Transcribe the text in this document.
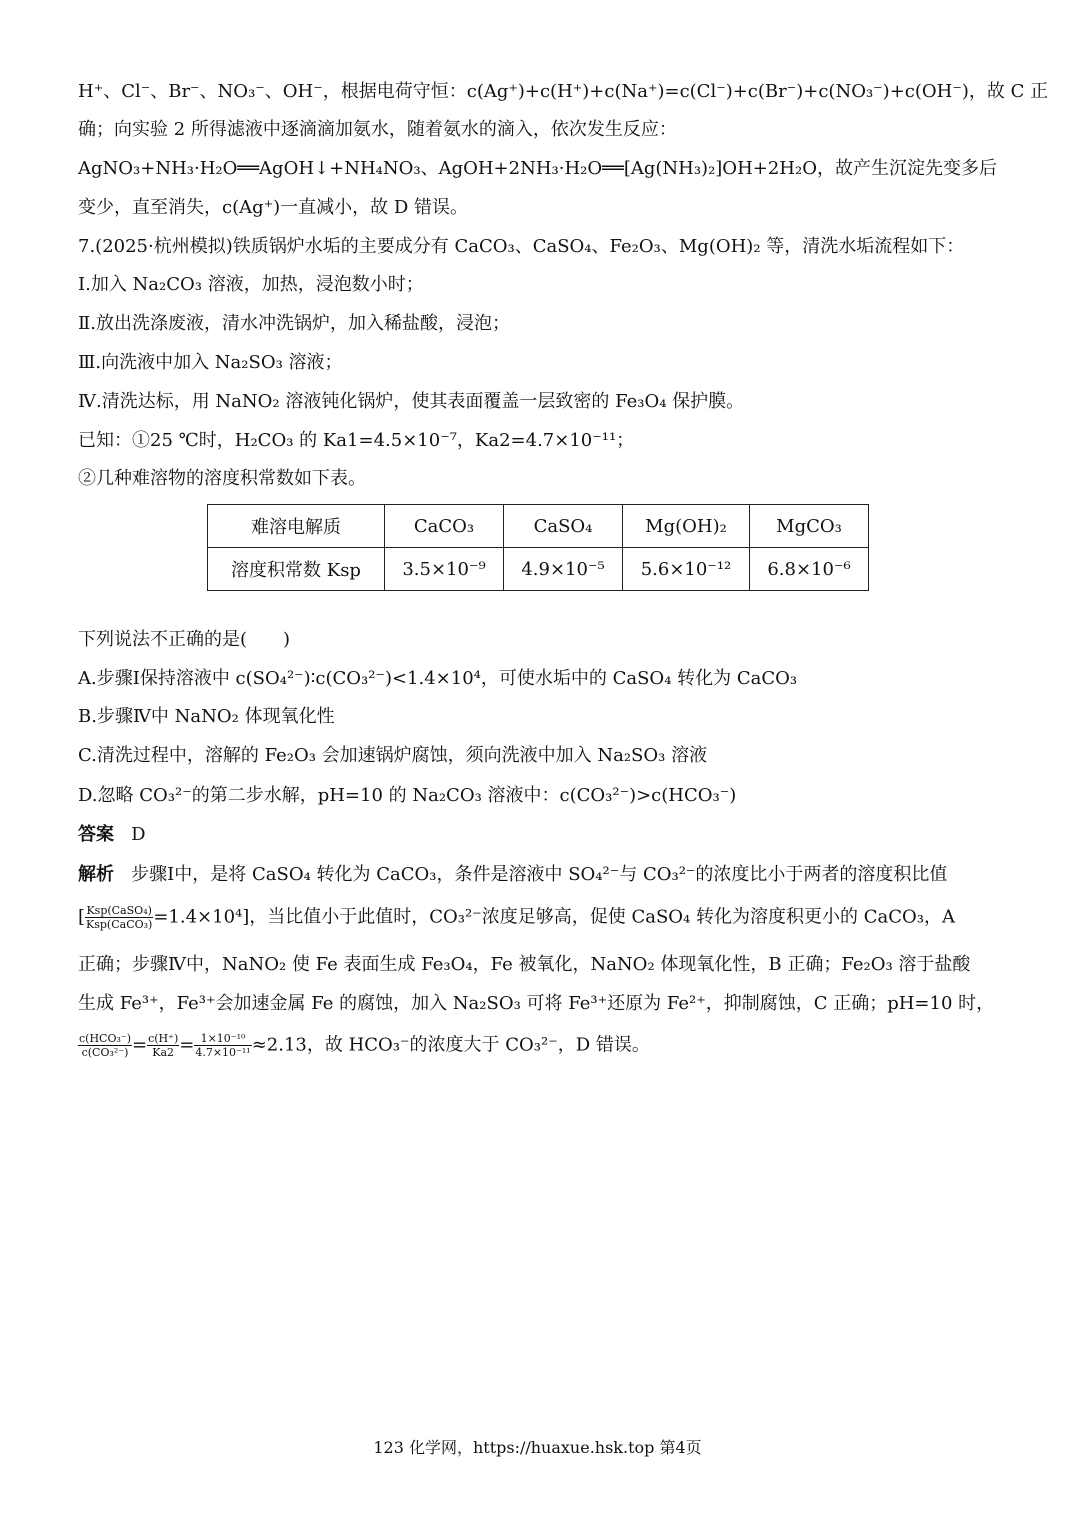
H⁺、Cl⁻、Br⁻、NO₃⁻、OH⁻，根据电荷守恒：c(Ag⁺)+c(H⁺)+c(Na⁺)=c(Cl⁻)+c(Br⁻)+c(NO₃⁻)+c(OH⁻)，故 C 正
确；向实验 2 所得滤液中逐滴滴加氨水，随着氨水的滴入，依次发生反应：
AgNO₃+NH₃·H₂O══AgOH↓+NH₄NO₃、AgOH+2NH₃·H₂O══[Ag(NH₃)₂]OH+2H₂O，故产生沉淀先变多后
变少，直至消失，c(Ag⁺)一直减小，故 D 错误。
7.(2025·杭州模拟)铁质锅炉水垢的主要成分有 CaCO₃、CaSO₄、Fe₂O₃、Mg(OH)₂ 等，清洗水垢流程如下：
Ⅰ.加入 Na₂CO₃ 溶液，加热，浸泡数小时；
Ⅱ.放出洗涤废液，清水冲洗锅炉，加入稀盐酸，浸泡；
Ⅲ.向洗液中加入 Na₂SO₃ 溶液；
Ⅳ.清洗达标，用 NaNO₂ 溶液钝化锅炉，使其表面覆盖一层致密的 Fe₃O₄ 保护膜。
已知：①25 ℃时，H₂CO₃ 的 Ka1=4.5×10⁻⁷，Ka2=4.7×10⁻¹¹；
②几种难溶物的溶度积常数如下表。
难溶电解质	CaCO₃	CaSO₄	Mg(OH)₂	MgCO₃
溶度积常数 Ksp	3.5×10⁻⁹	4.9×10⁻⁵	5.6×10⁻¹²	6.8×10⁻⁶
下列说法不正确的是(　　)
A.步骤Ⅰ保持溶液中 c(SO₄²⁻)∶c(CO₃²⁻)<1.4×10⁴，可使水垢中的 CaSO₄ 转化为 CaCO₃
B.步骤Ⅳ中 NaNO₂ 体现氧化性
C.清洗过程中，溶解的 Fe₂O₃ 会加速锅炉腐蚀，须向洗液中加入 Na₂SO₃ 溶液
D.忽略 CO₃²⁻的第二步水解，pH=10 的 Na₂CO₃ 溶液中：c(CO₃²⁻)>c(HCO₃⁻)
答案 D
解析 步骤Ⅰ中，是将 CaSO₄ 转化为 CaCO₃，条件是溶液中 SO₄²⁻与 CO₃²⁻的浓度比小于两者的溶度积比值
[ $\frac{\text{Ksp(CaSO₄)}}{\text{Ksp(CaCO₃)}} =1.4\times 10^4$]，当比值小于此值时，CO₃²⁻浓度足够高，促使 CaSO₄ 转化为溶度积更小的 CaCO₃，A
正确；步骤Ⅳ中，NaNO₂ 使 Fe 表面生成 Fe₃O₄，Fe 被氧化，NaNO₂ 体现氧化性，B 正确；Fe₂O₃ 溶于盐酸
生成 Fe³⁺，Fe³⁺会加速金属 Fe 的腐蚀，加入 Na₂SO₃ 可将 Fe³⁺还原为 Fe²⁺，抑制腐蚀，C 正确；pH=10 时，
$\frac{\text{c(HCO₃⁻)}}{\text{c(CO₃²⁻)}} = \frac{c(H^+)}{Ka2} = \frac{\text{1×10⁻¹⁰}}{\text{4.7×10⁻¹¹}} \approx 2.13$，故 HCO₃⁻的浓度大于 CO₃²⁻，D 错误。
123 化学网，https://huaxue.hsk.top 第4页
